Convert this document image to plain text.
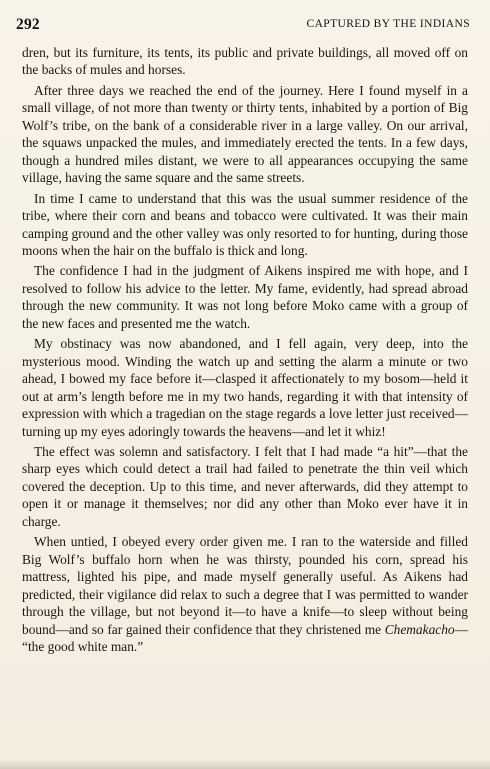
292	CAPTURED BY THE INDIANS

dren, but its furniture, its tents, its public and private buildings, all moved off on the backs of mules and horses.

After three days we reached the end of the journey. Here I found myself in a small village, of not more than twenty or thirty tents, inhabited by a portion of Big Wolf’s tribe, on the bank of a considerable river in a large valley. On our arrival, the squaws unpacked the mules, and immediately erected the tents. In a few days, though a hundred miles distant, we were to all appearances occupying the same village, having the same square and the same streets.

In time I came to understand that this was the usual summer residence of the tribe, where their corn and beans and tobacco were cultivated. It was their main camping ground and the other valley was only resorted to for hunting, during those moons when the hair on the buffalo is thick and long.

The confidence I had in the judgment of Aikens inspired me with hope, and I resolved to follow his advice to the letter. My fame, evidently, had spread abroad through the new community. It was not long before Moko came with a group of the new faces and presented me the watch.

My obstinacy was now abandoned, and I fell again, very deep, into the mysterious mood. Winding the watch up and setting the alarm a minute or two ahead, I bowed my face before it—clasped it affectionately to my bosom—held it out at arm’s length before me in my two hands, regarding it with that intensity of expression with which a tragedian on the stage regards a love letter just received—turning up my eyes adoringly towards the heavens—and let it whiz!

The effect was solemn and satisfactory. I felt that I had made “a hit”—that the sharp eyes which could detect a trail had failed to penetrate the thin veil which covered the deception. Up to this time, and never afterwards, did they attempt to open it or manage it themselves; nor did any other than Moko ever have it in charge.

When untied, I obeyed every order given me. I ran to the waterside and filled Big Wolf’s buffalo horn when he was thirsty, pounded his corn, spread his mattress, lighted his pipe, and made myself generally useful. As Aikens had predicted, their vigilance did relax to such a degree that I was permitted to wander through the village, but not beyond it—to have a knife—to sleep without being bound—and so far gained their confidence that they christened me Chemakacho— “the good white man.”
